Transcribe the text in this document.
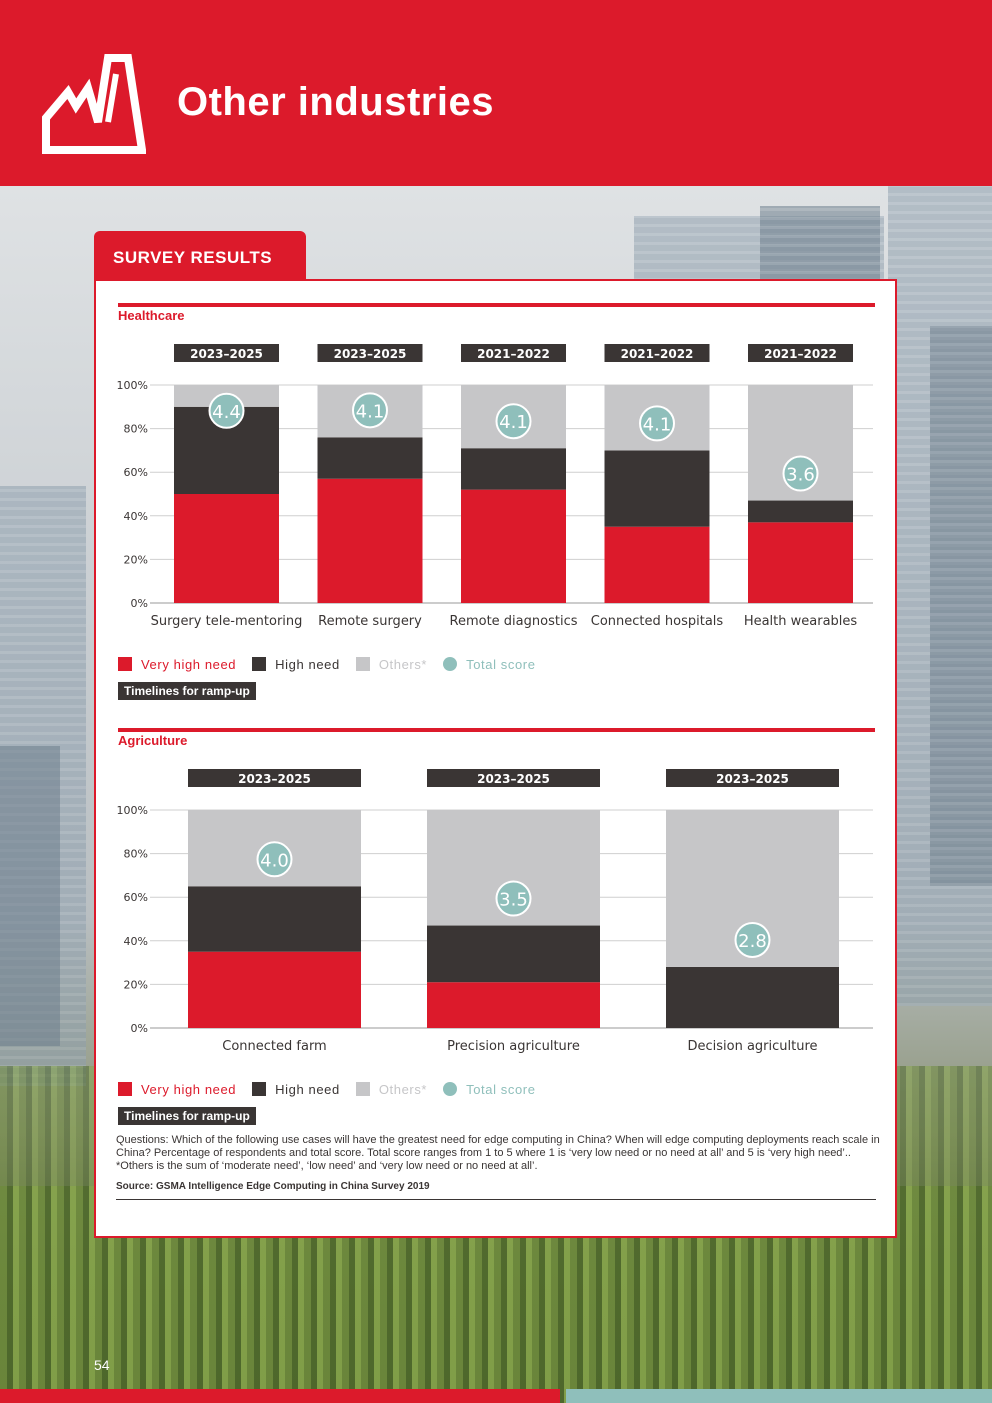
Other industries
SURVEY RESULTS
Healthcare
0%
20%
40%
60%
80%
100%
2023–2025
Surgery tele-mentoring
4.4
2023–2025
Remote surgery
4.1
2021–2022
Remote diagnostics
4.1
2021–2022
Connected hospitals
4.1
2021–2022
Health wearables
3.6
Very high need	High need	Others*	Total score
Timelines for ramp-up
Agriculture
0%
20%
40%
60%
80%
100%
2023–2025
Connected farm
4.0
2023–2025
Precision agriculture
3.5
2023–2025
Decision agriculture
2.8
Very high need	High need	Others*	Total score
Timelines for ramp-up
Questions: Which of the following use cases will have the greatest need for edge computing in China? When will edge computing deployments reach scale in China? Percentage of respondents and total score. Total score ranges from 1 to 5 where 1 is ‘very low need or no need at all’ and 5 is ‘very high need’.. *Others is the sum of ‘moderate need’, ‘low need’ and ‘very low need or no need at all’.
Source: GSMA Intelligence Edge Computing in China Survey 2019
54
